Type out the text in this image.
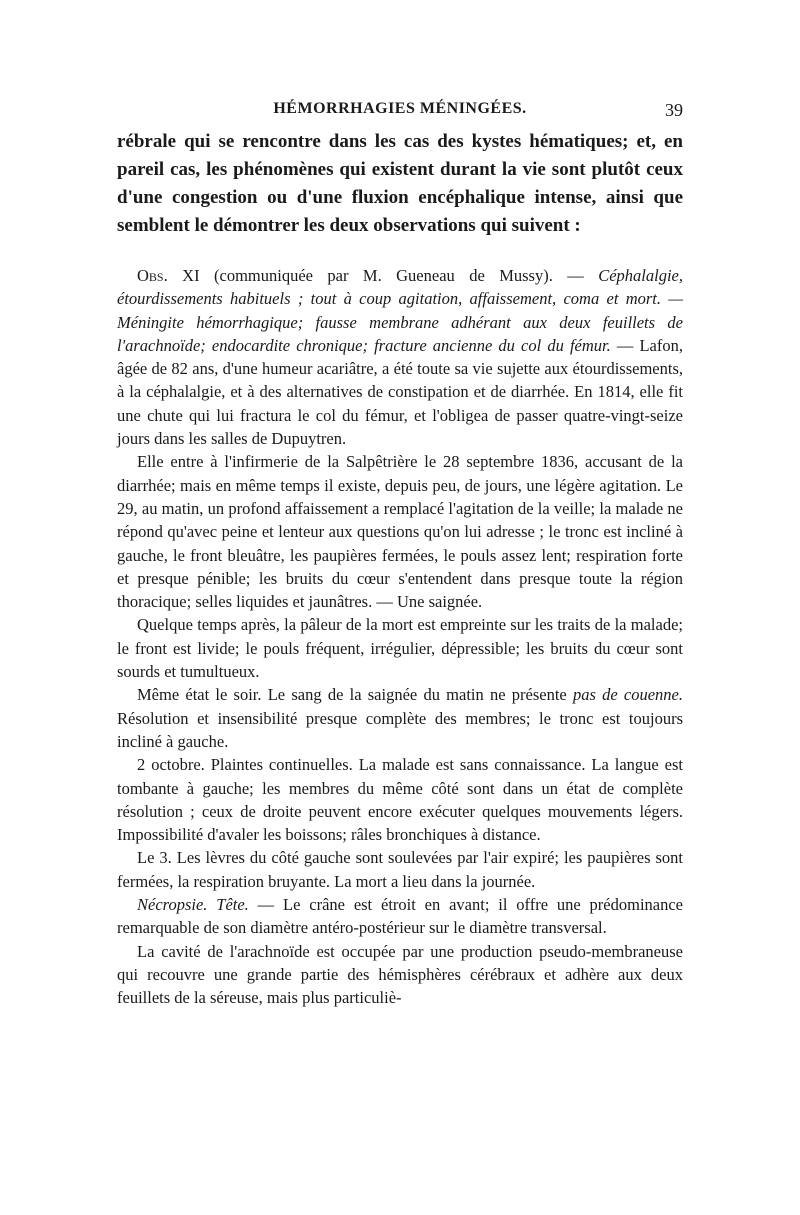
HÉMORRHAGIES MÉNINGÉES.	39

rébrale qui se rencontre dans les cas des kystes hématiques; et, en pareil cas, les phénomènes qui existent durant la vie sont plutôt ceux d'une congestion ou d'une fluxion encéphalique intense, ainsi que semblent le démontrer les deux observations qui suivent :

Obs. XI (communiquée par M. Gueneau de Mussy). — Céphalalgie, étourdissements habituels ; tout à coup agitation, affaissement, coma et mort. — Méningite hémorrhagique; fausse membrane adhérant aux deux feuillets de l'arachnoïde; endocardite chronique; fracture ancienne du col du fémur. — Lafon, âgée de 82 ans, d'une humeur acariâtre, a été toute sa vie sujette aux étourdissements, à la céphalalgie, et à des alternatives de constipation et de diarrhée. En 1814, elle fit une chute qui lui fractura le col du fémur, et l'obligea de passer quatre-vingt-seize jours dans les salles de Dupuytren.

Elle entre à l'infirmerie de la Salpêtrière le 28 septembre 1836, accusant de la diarrhée; mais en même temps il existe, depuis peu, de jours, une légère agitation. Le 29, au matin, un profond affaissement a remplacé l'agitation de la veille; la malade ne répond qu'avec peine et lenteur aux questions qu'on lui adresse ; le tronc est incliné à gauche, le front bleuâtre, les paupières fermées, le pouls assez lent; respiration forte et presque pénible; les bruits du cœur s'entendent dans presque toute la région thoracique; selles liquides et jaunâtres. — Une saignée.

Quelque temps après, la pâleur de la mort est empreinte sur les traits de la malade; le front est livide; le pouls fréquent, irrégulier, dépressible; les bruits du cœur sont sourds et tumultueux.

Même état le soir. Le sang de la saignée du matin ne présente pas de couenne. Résolution et insensibilité presque complète des membres; le tronc est toujours incliné à gauche.

2 octobre. Plaintes continuelles. La malade est sans connaissance. La langue est tombante à gauche; les membres du même côté sont dans un état de complète résolution ; ceux de droite peuvent encore exécuter quelques mouvements légers. Impossibilité d'avaler les boissons; râles bronchiques à distance.

Le 3. Les lèvres du côté gauche sont soulevées par l'air expiré; les paupières sont fermées, la respiration bruyante. La mort a lieu dans la journée.

Nécropsie. Tête. — Le crâne est étroit en avant; il offre une prédominance remarquable de son diamètre antéro-postérieur sur le diamètre transversal.

La cavité de l'arachnoïde est occupée par une production pseudo-membraneuse qui recouvre une grande partie des hémisphères cérébraux et adhère aux deux feuillets de la séreuse, mais plus particuliè-
